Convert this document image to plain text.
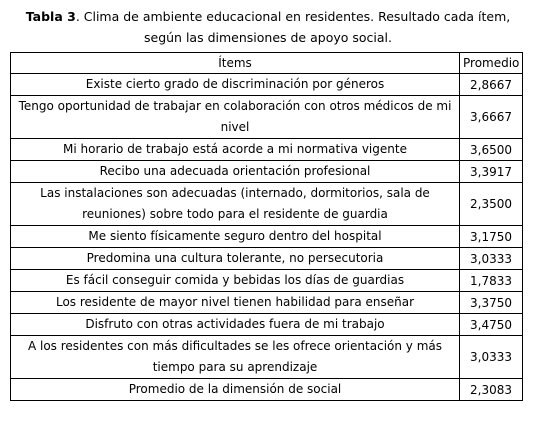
Tabla 3. Clima de ambiente educacional en residentes. Resultado cada ítem, según las dimensiones de apoyo social.
Ítems	Promedio
Existe cierto grado de discriminación por géneros	2,8667
Tengo oportunidad de trabajar en colaboración con otros médicos de mi nivel	3,6667
Mi horario de trabajo está acorde a mi normativa vigente	3,6500
Recibo una adecuada orientación profesional	3,3917
Las instalaciones son adecuadas (internado, dormitorios, sala de reuniones) sobre todo para el residente de guardia	2,3500
Me siento físicamente seguro dentro del hospital	3,1750
Predomina una cultura tolerante, no persecutoria	3,0333
Es fácil conseguir comida y bebidas los días de guardias	1,7833
Los residente de mayor nivel tienen habilidad para enseñar	3,3750
Disfruto con otras actividades fuera de mi trabajo	3,4750
A los residentes con más dificultades se les ofrece orientación y más tiempo para su aprendizaje	3,0333
Promedio de la dimensión de social	2,3083
